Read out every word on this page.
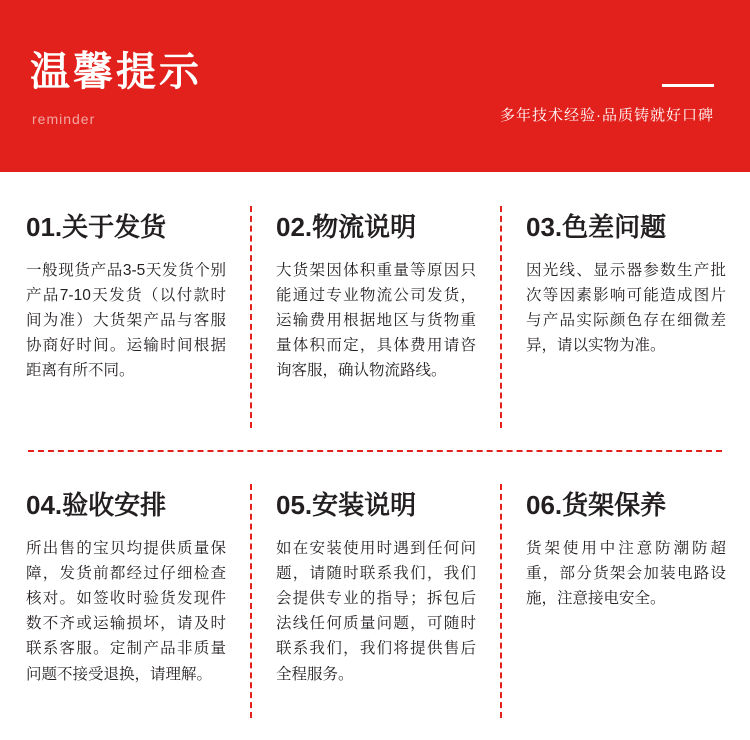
温馨提示
reminder	多年技术经验·品质铸就好口碑
01.关于发货
一般现货产品3-5天发货个别产品7-10天发货（以付款时间为准）大货架产品与客服协商好时间。运输时间根据距离有所不同。
02.物流说明
大货架因体积重量等原因只能通过专业物流公司发货，运输费用根据地区与货物重量体积而定，具体费用请咨询客服，确认物流路线。
03.色差问题
因光线、显示器参数生产批次等因素影响可能造成图片与产品实际颜色存在细微差异，请以实物为准。
04.验收安排
所出售的宝贝均提供质量保障，发货前都经过仔细检查核对。如签收时验货发现件数不齐或运输损坏，请及时联系客服。定制产品非质量问题不接受退换，请理解。
05.安装说明
如在安装使用时遇到任何问题，请随时联系我们，我们会提供专业的指导；拆包后法线任何质量问题，可随时联系我们，我们将提供售后全程服务。
06.货架保养
货架使用中注意防潮防超重，部分货架会加装电路设施，注意接电安全。
